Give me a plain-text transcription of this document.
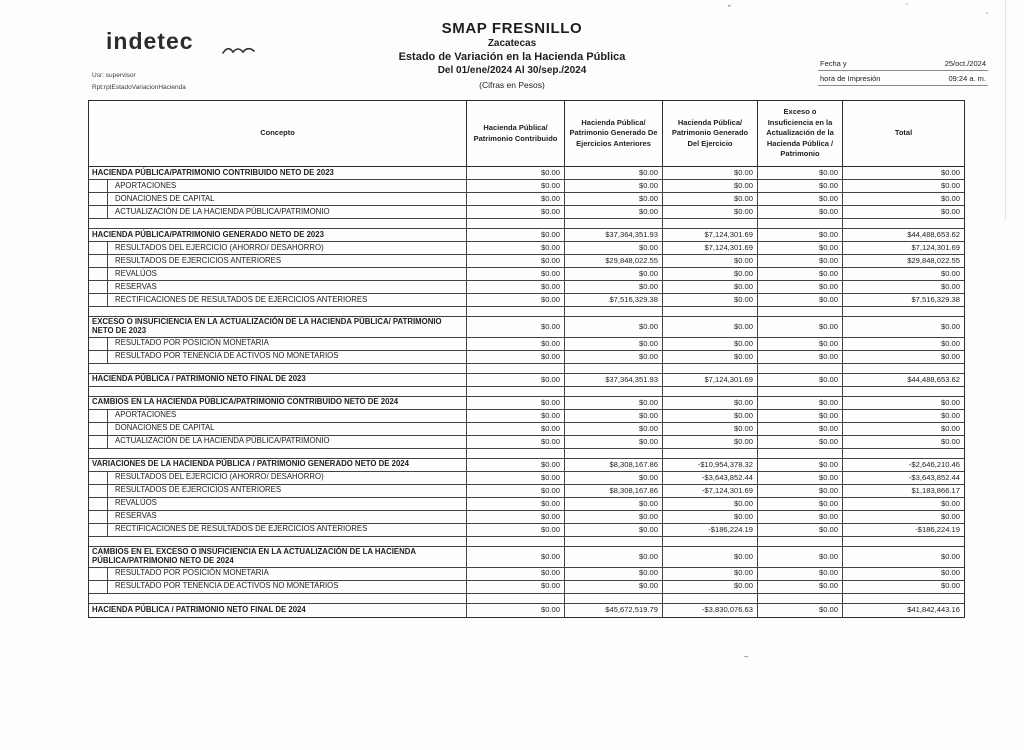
indetec
Usr: supervisor
Rpt:rptEstadoVariacionHacienda
SMAP FRESNILLO
Zacatecas
Estado de Variación en la Hacienda Pública
Del 01/ene/2024 Al 30/sep./2024
(Cifras en Pesos)
Fecha y	25/oct./2024
hora de Impresión	09:24 a. m.
Concepto
Hacienda Pública/ Patrimonio Contribuido
Hacienda Pública/ Patrimonio Generado De Ejercicios Anteriores
Hacienda Pública/ Patrimonio Generado Del Ejercicio
Exceso o Insuficiencia en la Actualización de la Hacienda Pública / Patrimonio
Total
HACIENDA PÚBLICA/PATRIMONIO CONTRIBUIDO NETO DE 2023	$0.00	$0.00	$0.00	$0.00	$0.00
APORTACIONES	$0.00	$0.00	$0.00	$0.00	$0.00
DONACIONES DE CAPITAL	$0.00	$0.00	$0.00	$0.00	$0.00
ACTUALIZACIÓN DE LA HACIENDA PÚBLICA/PATRIMONIO	$0.00	$0.00	$0.00	$0.00	$0.00
HACIENDA PÚBLICA/PATRIMONIO GENERADO NETO DE 2023	$0.00	$37,364,351.93	$7,124,301.69	$0.00	$44,488,653.62
RESULTADOS DEL EJERCICIO (AHORRO/ DESAHORRO)	$0.00	$0.00	$7,124,301.69	$0.00	$7,124,301.69
RESULTADOS DE EJERCICIOS ANTERIORES	$0.00	$29,848,022.55	$0.00	$0.00	$29,848,022.55
REVALÚOS	$0.00	$0.00	$0.00	$0.00	$0.00
RESERVAS	$0.00	$0.00	$0.00	$0.00	$0.00
RECTIFICACIONES DE RESULTADOS DE EJERCICIOS ANTERIORES	$0.00	$7,516,329.38	$0.00	$0.00	$7,516,329.38
EXCESO O INSUFICIENCIA EN LA ACTUALIZACIÓN DE LA HACIENDA PÚBLICA/ PATRIMONIO NETO DE 2023	$0.00	$0.00	$0.00	$0.00	$0.00
RESULTADO POR POSICIÓN MONETARIA	$0.00	$0.00	$0.00	$0.00	$0.00
RESULTADO POR TENENCIA DE ACTIVOS NO MONETARIOS	$0.00	$0.00	$0.00	$0.00	$0.00
HACIENDA PÚBLICA / PATRIMONIO NETO FINAL DE 2023	$0.00	$37,364,351.93	$7,124,301.69	$0.00	$44,488,653.62
CAMBIOS EN LA HACIENDA PÚBLICA/PATRIMONIO CONTRIBUIDO NETO DE 2024	$0.00	$0.00	$0.00	$0.00	$0.00
APORTACIONES	$0.00	$0.00	$0.00	$0.00	$0.00
DONACIONES DE CAPITAL	$0.00	$0.00	$0.00	$0.00	$0.00
ACTUALIZACIÓN DE LA HACIENDA PÚBLICA/PATRIMONIO	$0.00	$0.00	$0.00	$0.00	$0.00
VARIACIONES DE LA HACIENDA PÚBLICA / PATRIMONIO GENERADO NETO DE 2024	$0.00	$8,308,167.86	-$10,954,378.32	$0.00	-$2,646,210.46
RESULTADOS DEL EJERCICIO (AHORRO/ DESAHORRO)	$0.00	$0.00	-$3,643,852.44	$0.00	-$3,643,852.44
RESULTADOS DE EJERCICIOS ANTERIORES	$0.00	$8,308,167.86	-$7,124,301.69	$0.00	$1,183,866.17
REVALÚOS	$0.00	$0.00	$0.00	$0.00	$0.00
RESERVAS	$0.00	$0.00	$0.00	$0.00	$0.00
RECTIFICACIONES DE RESULTADOS DE EJERCICIOS ANTERIORES	$0.00	$0.00	-$186,224.19	$0.00	-$186,224.19
CAMBIOS EN EL EXCESO O INSUFICIENCIA EN LA ACTUALIZACIÓN DE LA HACIENDA PÚBLICA/PATRIMONIO NETO DE 2024	$0.00	$0.00	$0.00	$0.00	$0.00
RESULTADO POR POSICIÓN MONETARIA	$0.00	$0.00	$0.00	$0.00	$0.00
RESULTADO POR TENENCIA DE ACTIVOS NO MONETARIOS	$0.00	$0.00	$0.00	$0.00	$0.00
HACIENDA PÚBLICA / PATRIMONIO NETO FINAL DE 2024	$0.00	$45,672,519.79	-$3,830,076.63	$0.00	$41,842,443.16
”	’	‚
–
